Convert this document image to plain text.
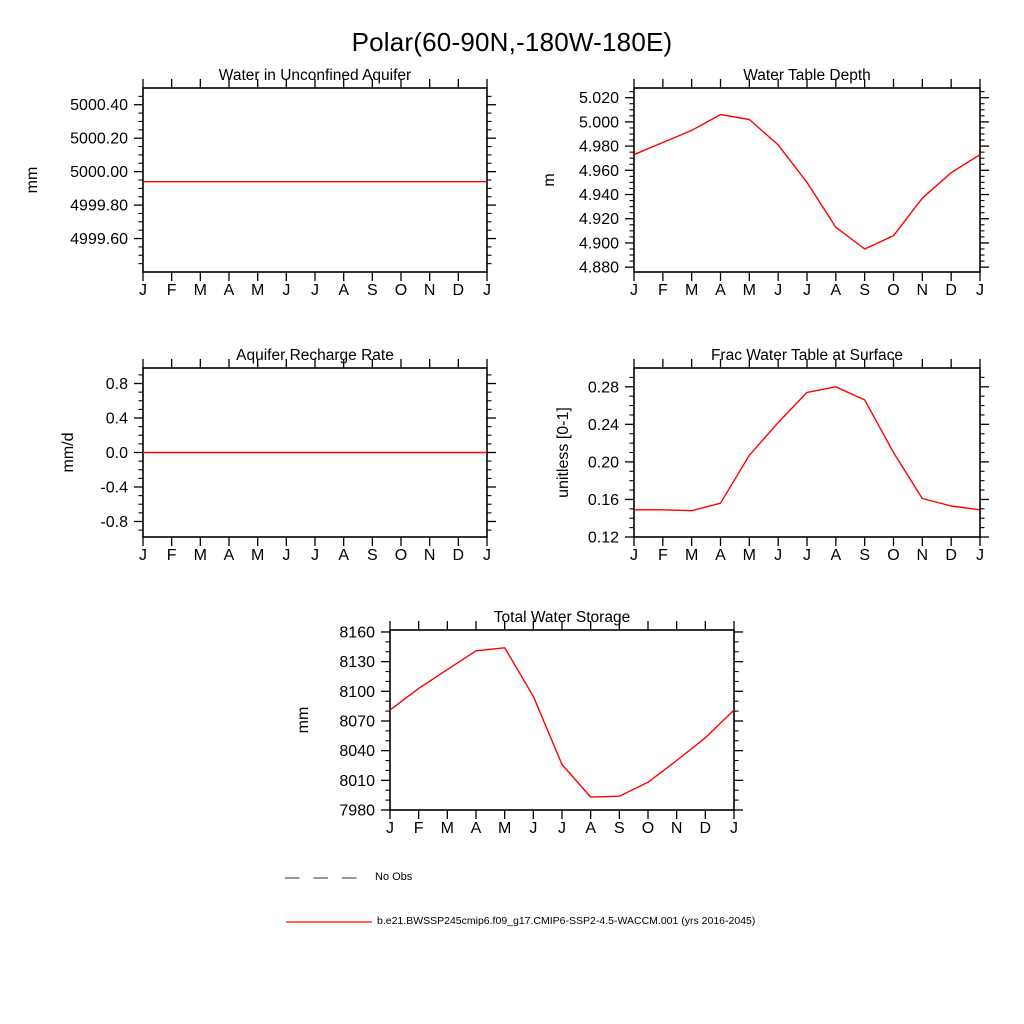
Polar(60-90N,-180W-180E)
J F M A M J J A S O N D J
4999.60
4999.80
5000.00
5000.20
5000.40
Water in Unconfined Aquifer
mm
J F M A M J J A S O N D J
4.880
4.900
4.920
4.940
4.960
4.980
5.000
5.020
Water Table Depth
m
J F M A M J J A S O N D J
-0.8
-0.4
0.0
0.4
0.8
Aquifer Recharge Rate
mm/d
J F M A M J J A S O N D J
0.12
0.16
0.20
0.24
0.28
Frac Water Table at Surface
unitless [0-1]
J F M A M J J A S O N D J
7980
8010
8040
8070
8100
8130
8160
Total Water Storage
mm
No Obs
b.e21.BWSSP245cmip6.f09_g17.CMIP6-SSP2-4.5-WACCM.001 (yrs 2016-2045)
